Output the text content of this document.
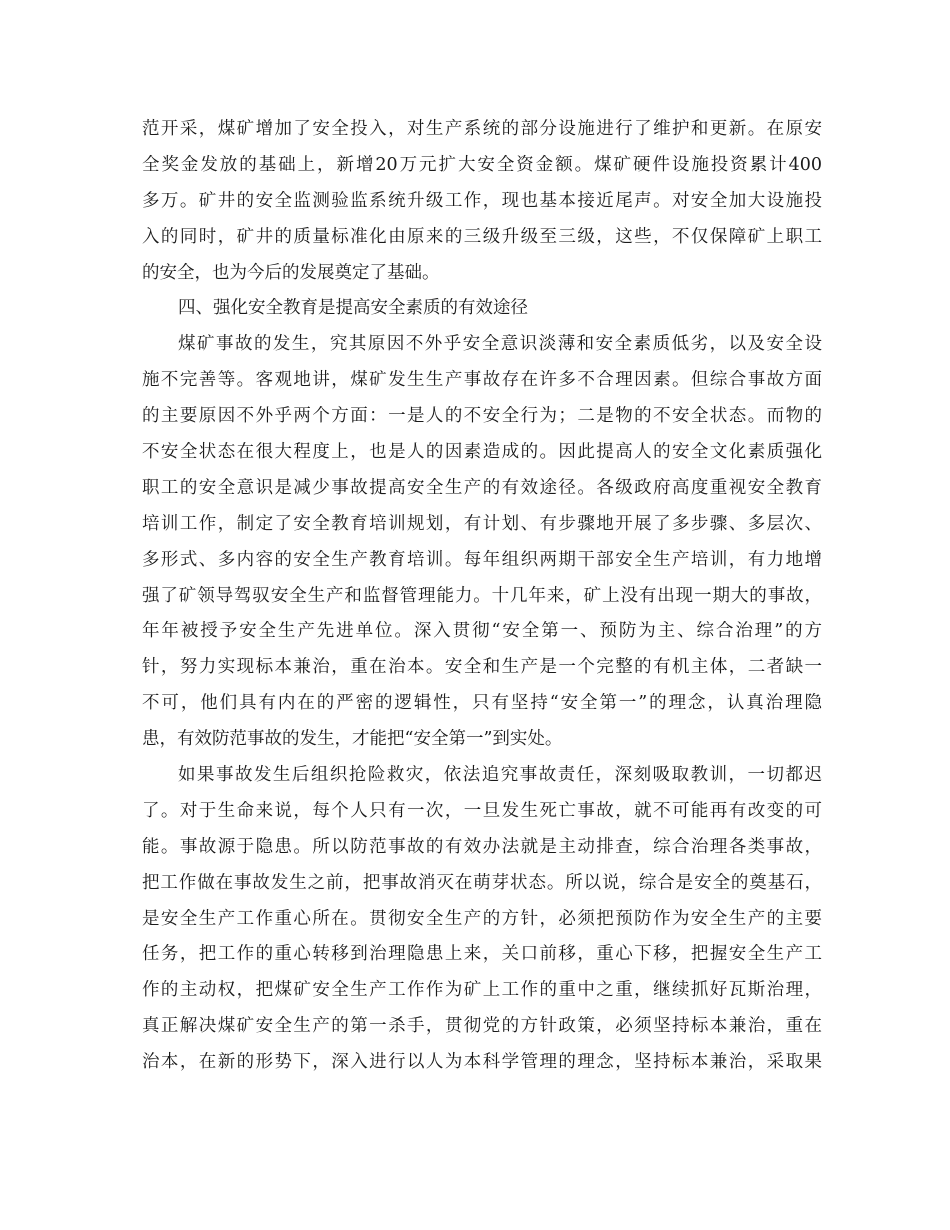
范开采，煤矿增加了安全投入，对生产系统的部分设施进行了维护和更新。在原安
全奖金发放的基础上，新增20万元扩大安全资金额。煤矿硬件设施投资累计400
多万。矿井的安全监测验监系统升级工作，现也基本接近尾声。对安全加大设施投
入的同时，矿井的质量标准化由原来的三级升级至三级，这些，不仅保障矿上职工
的安全，也为今后的发展奠定了基础。
四、强化安全教育是提高安全素质的有效途径
煤矿事故的发生，究其原因不外乎安全意识淡薄和安全素质低劣，以及安全设
施不完善等。客观地讲，煤矿发生生产事故存在许多不合理因素。但综合事故方面
的主要原因不外乎两个方面：一是人的不安全行为；二是物的不安全状态。而物的
不安全状态在很大程度上，也是人的因素造成的。因此提高人的安全文化素质强化
职工的安全意识是减少事故提高安全生产的有效途径。各级政府高度重视安全教育
培训工作，制定了安全教育培训规划，有计划、有步骤地开展了多步骤、多层次、
多形式、多内容的安全生产教育培训。每年组织两期干部安全生产培训，有力地增
强了矿领导驾驭安全生产和监督管理能力。十几年来，矿上没有出现一期大的事故，
年年被授予安全生产先进单位。深入贯彻“安全第一、预防为主、综合治理”的方
针，努力实现标本兼治，重在治本。安全和生产是一个完整的有机主体，二者缺一
不可，他们具有内在的严密的逻辑性，只有坚持“安全第一”的理念，认真治理隐
患，有效防范事故的发生，才能把“安全第一”到实处。
如果事故发生后组织抢险救灾，依法追究事故责任，深刻吸取教训，一切都迟
了。对于生命来说，每个人只有一次，一旦发生死亡事故，就不可能再有改变的可
能。事故源于隐患。所以防范事故的有效办法就是主动排查，综合治理各类事故，
把工作做在事故发生之前，把事故消灭在萌芽状态。所以说，综合是安全的奠基石，
是安全生产工作重心所在。贯彻安全生产的方针，必须把预防作为安全生产的主要
任务，把工作的重心转移到治理隐患上来，关口前移，重心下移，把握安全生产工
作的主动权，把煤矿安全生产工作作为矿上工作的重中之重，继续抓好瓦斯治理，
真正解决煤矿安全生产的第一杀手，贯彻党的方针政策，必须坚持标本兼治，重在
治本，在新的形势下，深入进行以人为本科学管理的理念，坚持标本兼治，采取果
